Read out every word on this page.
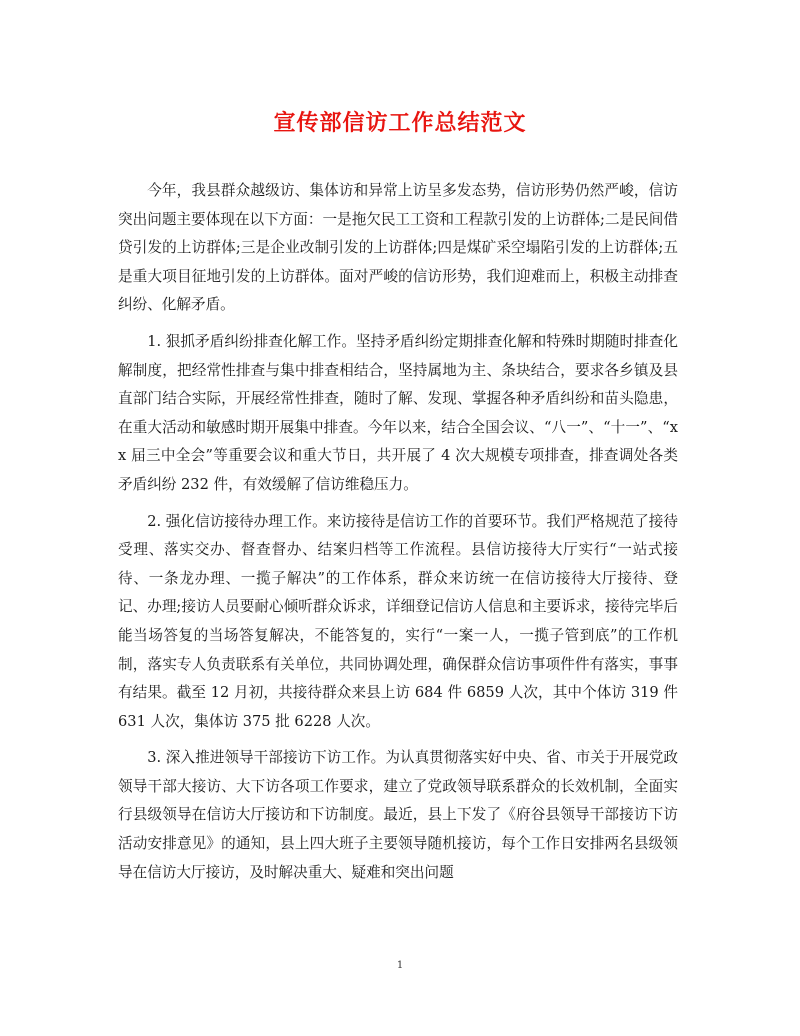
宣传部信访工作总结范文

今年，我县群众越级访、集体访和异常上访呈多发态势，信访形势仍然严峻，信访突出问题主要体现在以下方面：一是拖欠民工工资和工程款引发的上访群体;二是民间借贷引发的上访群体;三是企业改制引发的上访群体;四是煤矿采空塌陷引发的上访群体;五是重大项目征地引发的上访群体。面对严峻的信访形势，我们迎难而上，积极主动排查纠纷、化解矛盾。

1. 狠抓矛盾纠纷排查化解工作。坚持矛盾纠纷定期排查化解和特殊时期随时排查化解制度，把经常性排查与集中排查相结合，坚持属地为主、条块结合，要求各乡镇及县直部门结合实际，开展经常性排查，随时了解、发现、掌握各种矛盾纠纷和苗头隐患，在重大活动和敏感时期开展集中排查。今年以来，结合全国会议、“八一”、“十一”、“xx 届三中全会”等重要会议和重大节日，共开展了 4 次大规模专项排查，排查调处各类矛盾纠纷 232 件，有效缓解了信访维稳压力。

2. 强化信访接待办理工作。来访接待是信访工作的首要环节。我们严格规范了接待受理、落实交办、督查督办、结案归档等工作流程。县信访接待大厅实行“一站式接待、一条龙办理、一揽子解决”的工作体系，群众来访统一在信访接待大厅接待、登记、办理;接访人员要耐心倾听群众诉求，详细登记信访人信息和主要诉求，接待完毕后能当场答复的当场答复解决，不能答复的，实行“一案一人，一揽子管到底”的工作机制，落实专人负责联系有关单位，共同协调处理，确保群众信访事项件件有落实，事事有结果。截至 12 月初，共接待群众来县上访 684 件 6859 人次，其中个体访 319 件 631 人次，集体访 375 批 6228 人次。

3. 深入推进领导干部接访下访工作。为认真贯彻落实好中央、省、市关于开展党政领导干部大接访、大下访各项工作要求，建立了党政领导联系群众的长效机制，全面实行县级领导在信访大厅接访和下访制度。最近，县上下发了《府谷县领导干部接访下访活动安排意见》的通知，县上四大班子主要领导随机接访，每个工作日安排两名县级领导在信访大厅接访，及时解决重大、疑难和突出问题

1
